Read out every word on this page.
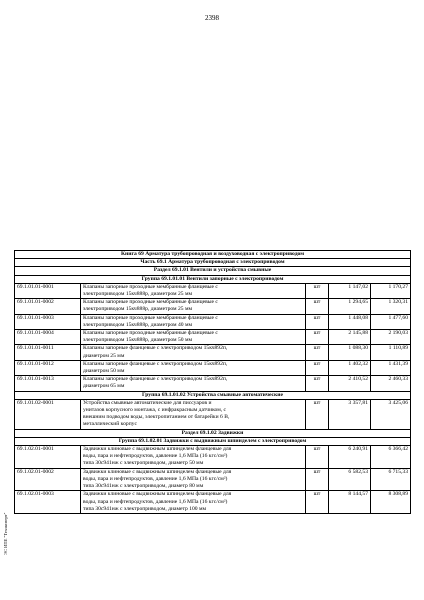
2398
ЭС ИПЕ "Техэксперт"
Книга 69 Арматура трубопроводная и воздуховодная с электроприводом				
Часть 69.1 Арматура трубопроводная с электроприводом				
Раздел 69.1.01 Вентили и устройства смывные				
Группа 69.1.01.01 Вентили запорные с электроприводом				
69.1.01.01-0001	Клапаны запорные проходные мембранные фланцевые с
электроприводом 15кч888р, диаметром 25 мм	шт	1 147,02	1 170,27
69.1.01.01-0002	Клапаны запорные проходные мембранные фланцевые с
электроприводом 15кч888р, диаметром 25 мм	шт	1 294,65	1 320,31
69.1.01.01-0003	Клапаны запорные проходные мембранные фланцевые с
электроприводом 15кч888р, диаметром 40 мм	шт	1 448,08	1 477,60
69.1.01.01-0004	Клапаны запорные проходные мембранные фланцевые с
электроприводом 15кч888р, диаметром 50 мм	шт	2 145,88	2 190,03
69.1.01.01-0011	Клапаны запорные фланцевые с электроприводом 15кч892п,
диаметром 25 мм	шт	1 088,30	1 110,89
69.1.01.01-0012	Клапаны запорные фланцевые с электроприводом 15кч892п,
диаметром 50 мм	шт	1 402,32	1 431,39
69.1.01.01-0013	Клапаны запорные фланцевые с электроприводом 15кч892п,
диаметром 65 мм	шт	2 410,52	2 460,33
Группа 69.1.01.02 Устройства смывные автоматические				
69.1.01.02-0001	Устройства смывные автоматические для писсуаров и
унитазов корпусного монтажа, с инфракрасным датчиком, с
внешним подводом воды, электропитанием от батарейки 6 В,
металлический корпус	шт	3 357,81	3 425,06
Раздел 69.1.02 Задвижки				
Группа 69.1.02.01 Задвижки с выдвижным шпинделем с электроприводом				
69.1.02.01-0001	Задвижки клиновые с выдвижным шпинделем фланцевые для
воды, пара и нефтепродуктов, давление 1,6 МПа (16 кгс/см²)
типа 30с941нж с электроприводом, диаметр 50 мм	шт	6 240,91	6 366,42
69.1.02.01-0002	Задвижки клиновые с выдвижным шпинделем фланцевые для
воды, пара и нефтепродуктов, давление 1,6 МПа (16 кгс/см²)
типа 30с941нж с электроприводом, диаметр 80 мм	шт	6 582,53	6 715,33
69.1.02.01-0003	Задвижки клиновые с выдвижным шпинделем фланцевые для
воды, пара и нефтепродуктов, давление 1,6 МПа (16 кгс/см²)
типа 30с941нж с электроприводом, диаметр 100 мм	шт	8 144,57	8 308,89
